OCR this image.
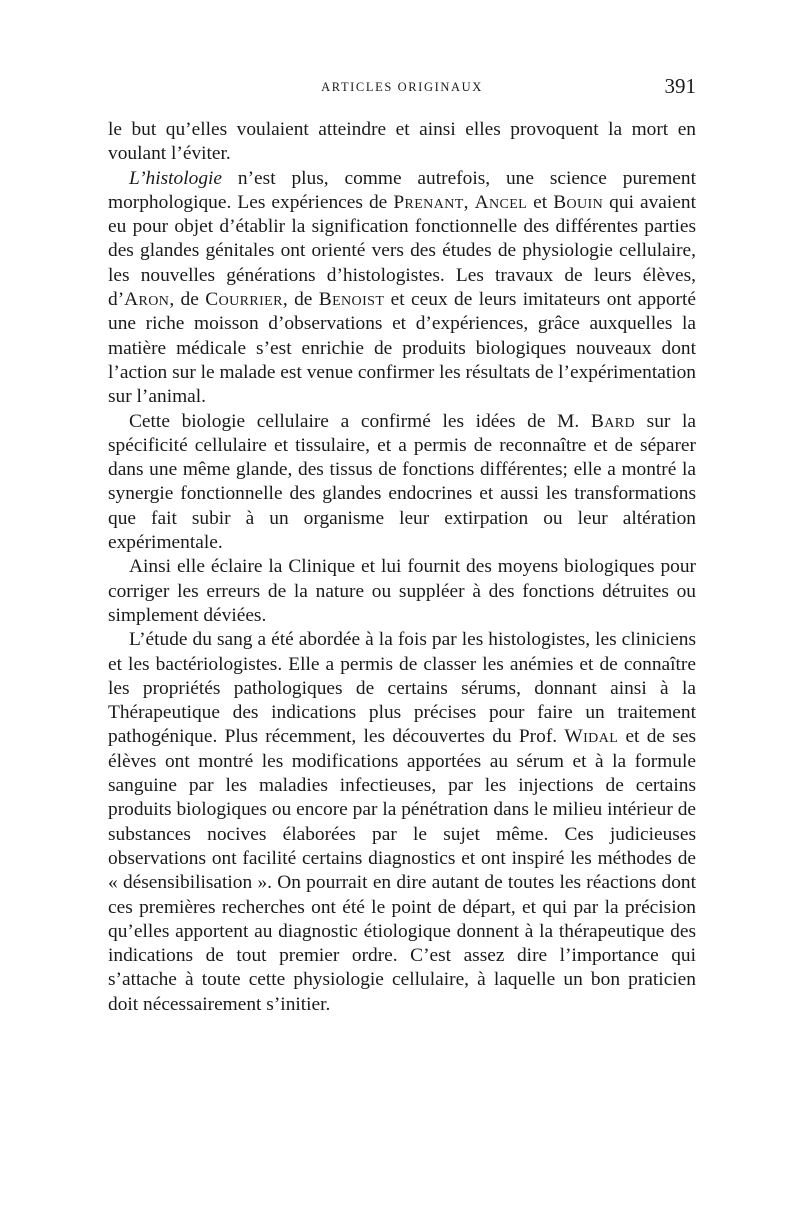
ARTICLES ORIGINAUX	391

le but qu’elles voulaient atteindre et ainsi elles provoquent la mort en voulant l’éviter.

L’histologie n’est plus, comme autrefois, une science purement morphologique. Les expériences de Prenant, Ancel et Bouin qui avaient eu pour objet d’établir la signification fonctionnelle des différentes parties des glandes génitales ont orienté vers des études de physiologie cellulaire, les nouvelles générations d’histologistes. Les travaux de leurs élèves, d’Aron, de Courrier, de Benoist et ceux de leurs imitateurs ont apporté une riche moisson d’observations et d’expériences, grâce auxquelles la matière médicale s’est enrichie de produits biologiques nouveaux dont l’action sur le malade est venue confirmer les résultats de l’expérimentation sur l’animal.

Cette biologie cellulaire a confirmé les idées de M. Bard sur la spécificité cellulaire et tissulaire, et a permis de reconnaître et de séparer dans une même glande, des tissus de fonctions différentes; elle a montré la synergie fonctionnelle des glandes endocrines et aussi les transformations que fait subir à un organisme leur extirpation ou leur altération expérimentale.

Ainsi elle éclaire la Clinique et lui fournit des moyens biologiques pour corriger les erreurs de la nature ou suppléer à des fonctions détruites ou simplement déviées.

L’étude du sang a été abordée à la fois par les histologistes, les cliniciens et les bactériologistes. Elle a permis de classer les anémies et de connaître les propriétés pathologiques de certains sérums, donnant ainsi à la Thérapeutique des indications plus précises pour faire un traitement pathogénique. Plus récemment, les découvertes du Prof. Widal et de ses élèves ont montré les modifications apportées au sérum et à la formule sanguine par les maladies infectieuses, par les injections de certains produits biologiques ou encore par la pénétration dans le milieu intérieur de substances nocives élaborées par le sujet même. Ces judicieuses observations ont facilité certains diagnostics et ont inspiré les méthodes de « désensibilisation ». On pourrait en dire autant de toutes les réactions dont ces premières recherches ont été le point de départ, et qui par la précision qu’elles apportent au diagnostic étiologique donnent à la thérapeutique des indications de tout premier ordre. C’est assez dire l’importance qui s’attache à toute cette physiologie cellulaire, à laquelle un bon praticien doit nécessairement s’initier.
